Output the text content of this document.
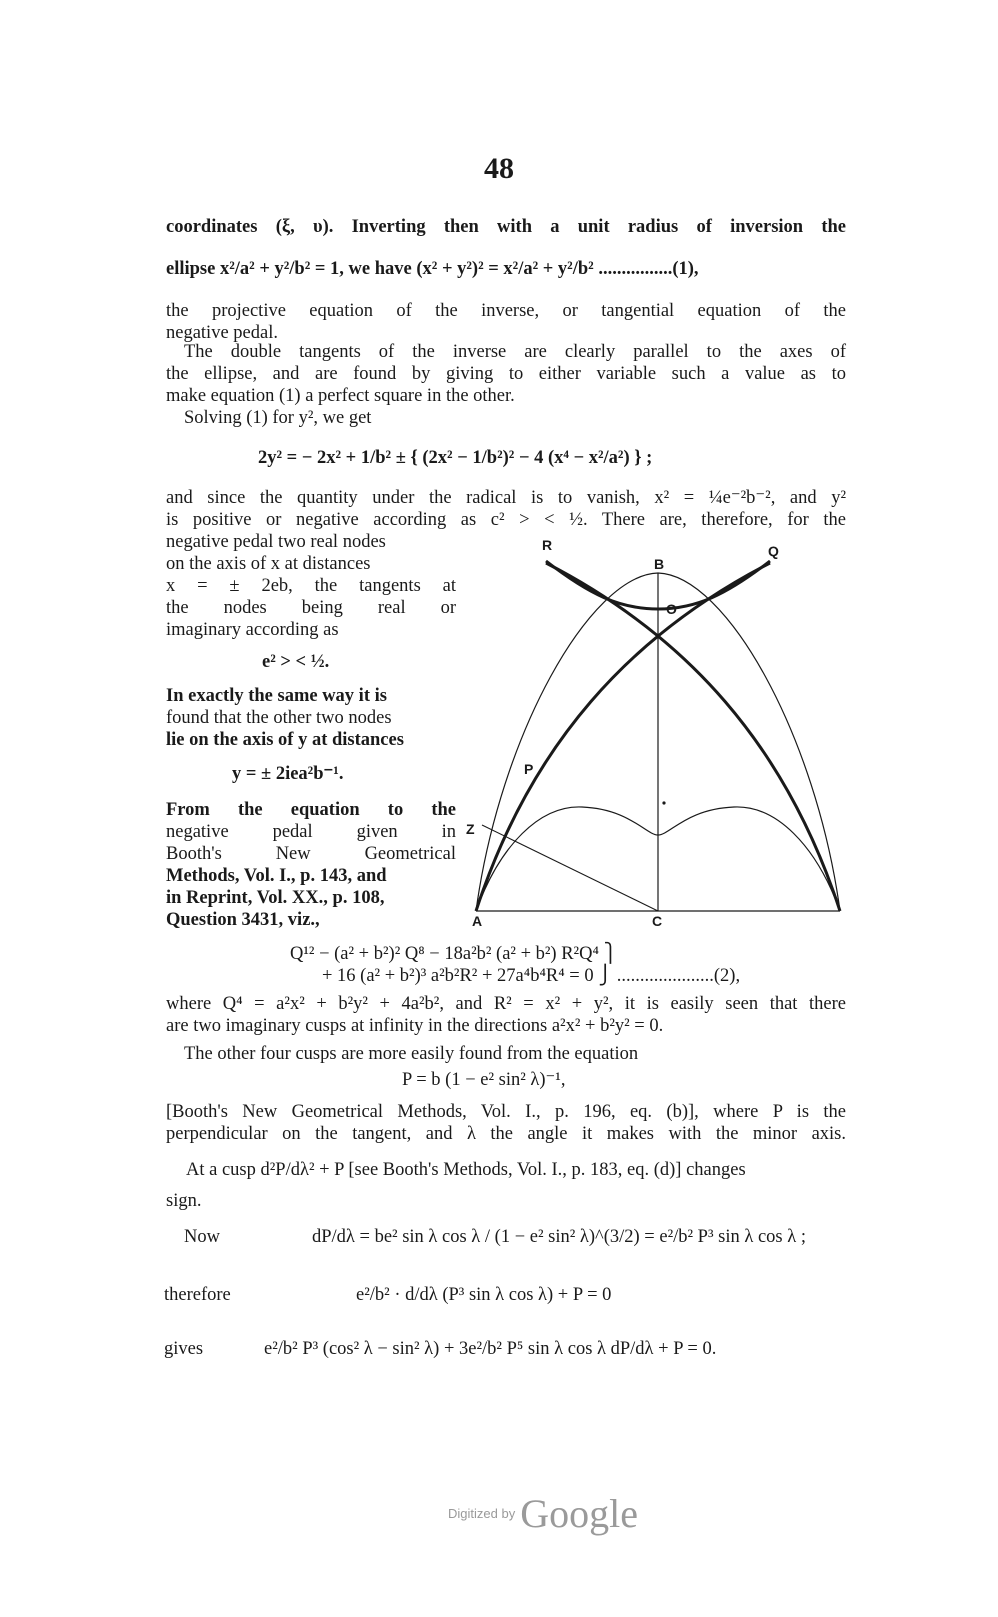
48
coordinates (ξ, υ). Inverting then with a unit radius of inversion the
ellipse x²/a² + y²/b² = 1, we have (x² + y²)² = x²/a² + y²/b² ................(1),
the projective equation of the inverse, or tangential equation of the
negative pedal.
The double tangents of the inverse are clearly parallel to the axes of
the ellipse, and are found by giving to either variable such a value as to
make equation (1) a perfect square in the other.
Solving (1) for y², we get
2y² = − 2x² + 1/b² ± { (2x² − 1/b²)² − 4 (x⁴ − x²/a²) } ;
and since the quantity under the radical is to vanish, x² = ¼e⁻²b⁻², and y²
is positive or negative according as c² > < ½. There are, therefore, for the
negative pedal two real nodes
on the axis of x at distances
x = ± 2eb, the tangents at
the nodes being real or
imaginary according as
e² > < ½.
In exactly the same way it is
found that the other two nodes
lie on the axis of y at distances
y = ± 2iea²b⁻¹.
From the equation to the
negative pedal given in
Booth's New Geometrical
Methods, Vol. I., p. 143, and
in Reprint, Vol. XX., p. 108,
Question 3431, viz.,
R
B
Q
O
P
Z
A	C
Q¹² − (a² + b²)² Q⁸ − 18a²b² (a² + b²) R²Q⁴ ⎫
+ 16 (a² + b²)³ a²b²R² + 27a⁴b⁴R⁴ = 0 ⎭ .....................(2),
where Q⁴ = a²x² + b²y² + 4a²b², and R² = x² + y², it is easily seen that there
are two imaginary cusps at infinity in the directions a²x² + b²y² = 0.
The other four cusps are more easily found from the equation
P = b (1 − e² sin² λ)⁻¹,
[Booth's New Geometrical Methods, Vol. I., p. 196, eq. (b)], where P is the
perpendicular on the tangent, and λ the angle it makes with the minor axis.
At a cusp d²P/dλ² + P [see Booth's Methods, Vol. I., p. 183, eq. (d)] changes
sign.
Now	dP/dλ = be² sin λ cos λ / (1 − e² sin² λ)^(3/2) = e²/b² P³ sin λ cos λ ;
therefore	e²/b² · d/dλ (P³ sin λ cos λ) + P = 0
gives	e²/b² P³ (cos² λ − sin² λ) + 3e²/b² P⁵ sin λ cos λ dP/dλ + P = 0.
Digitized by Google
